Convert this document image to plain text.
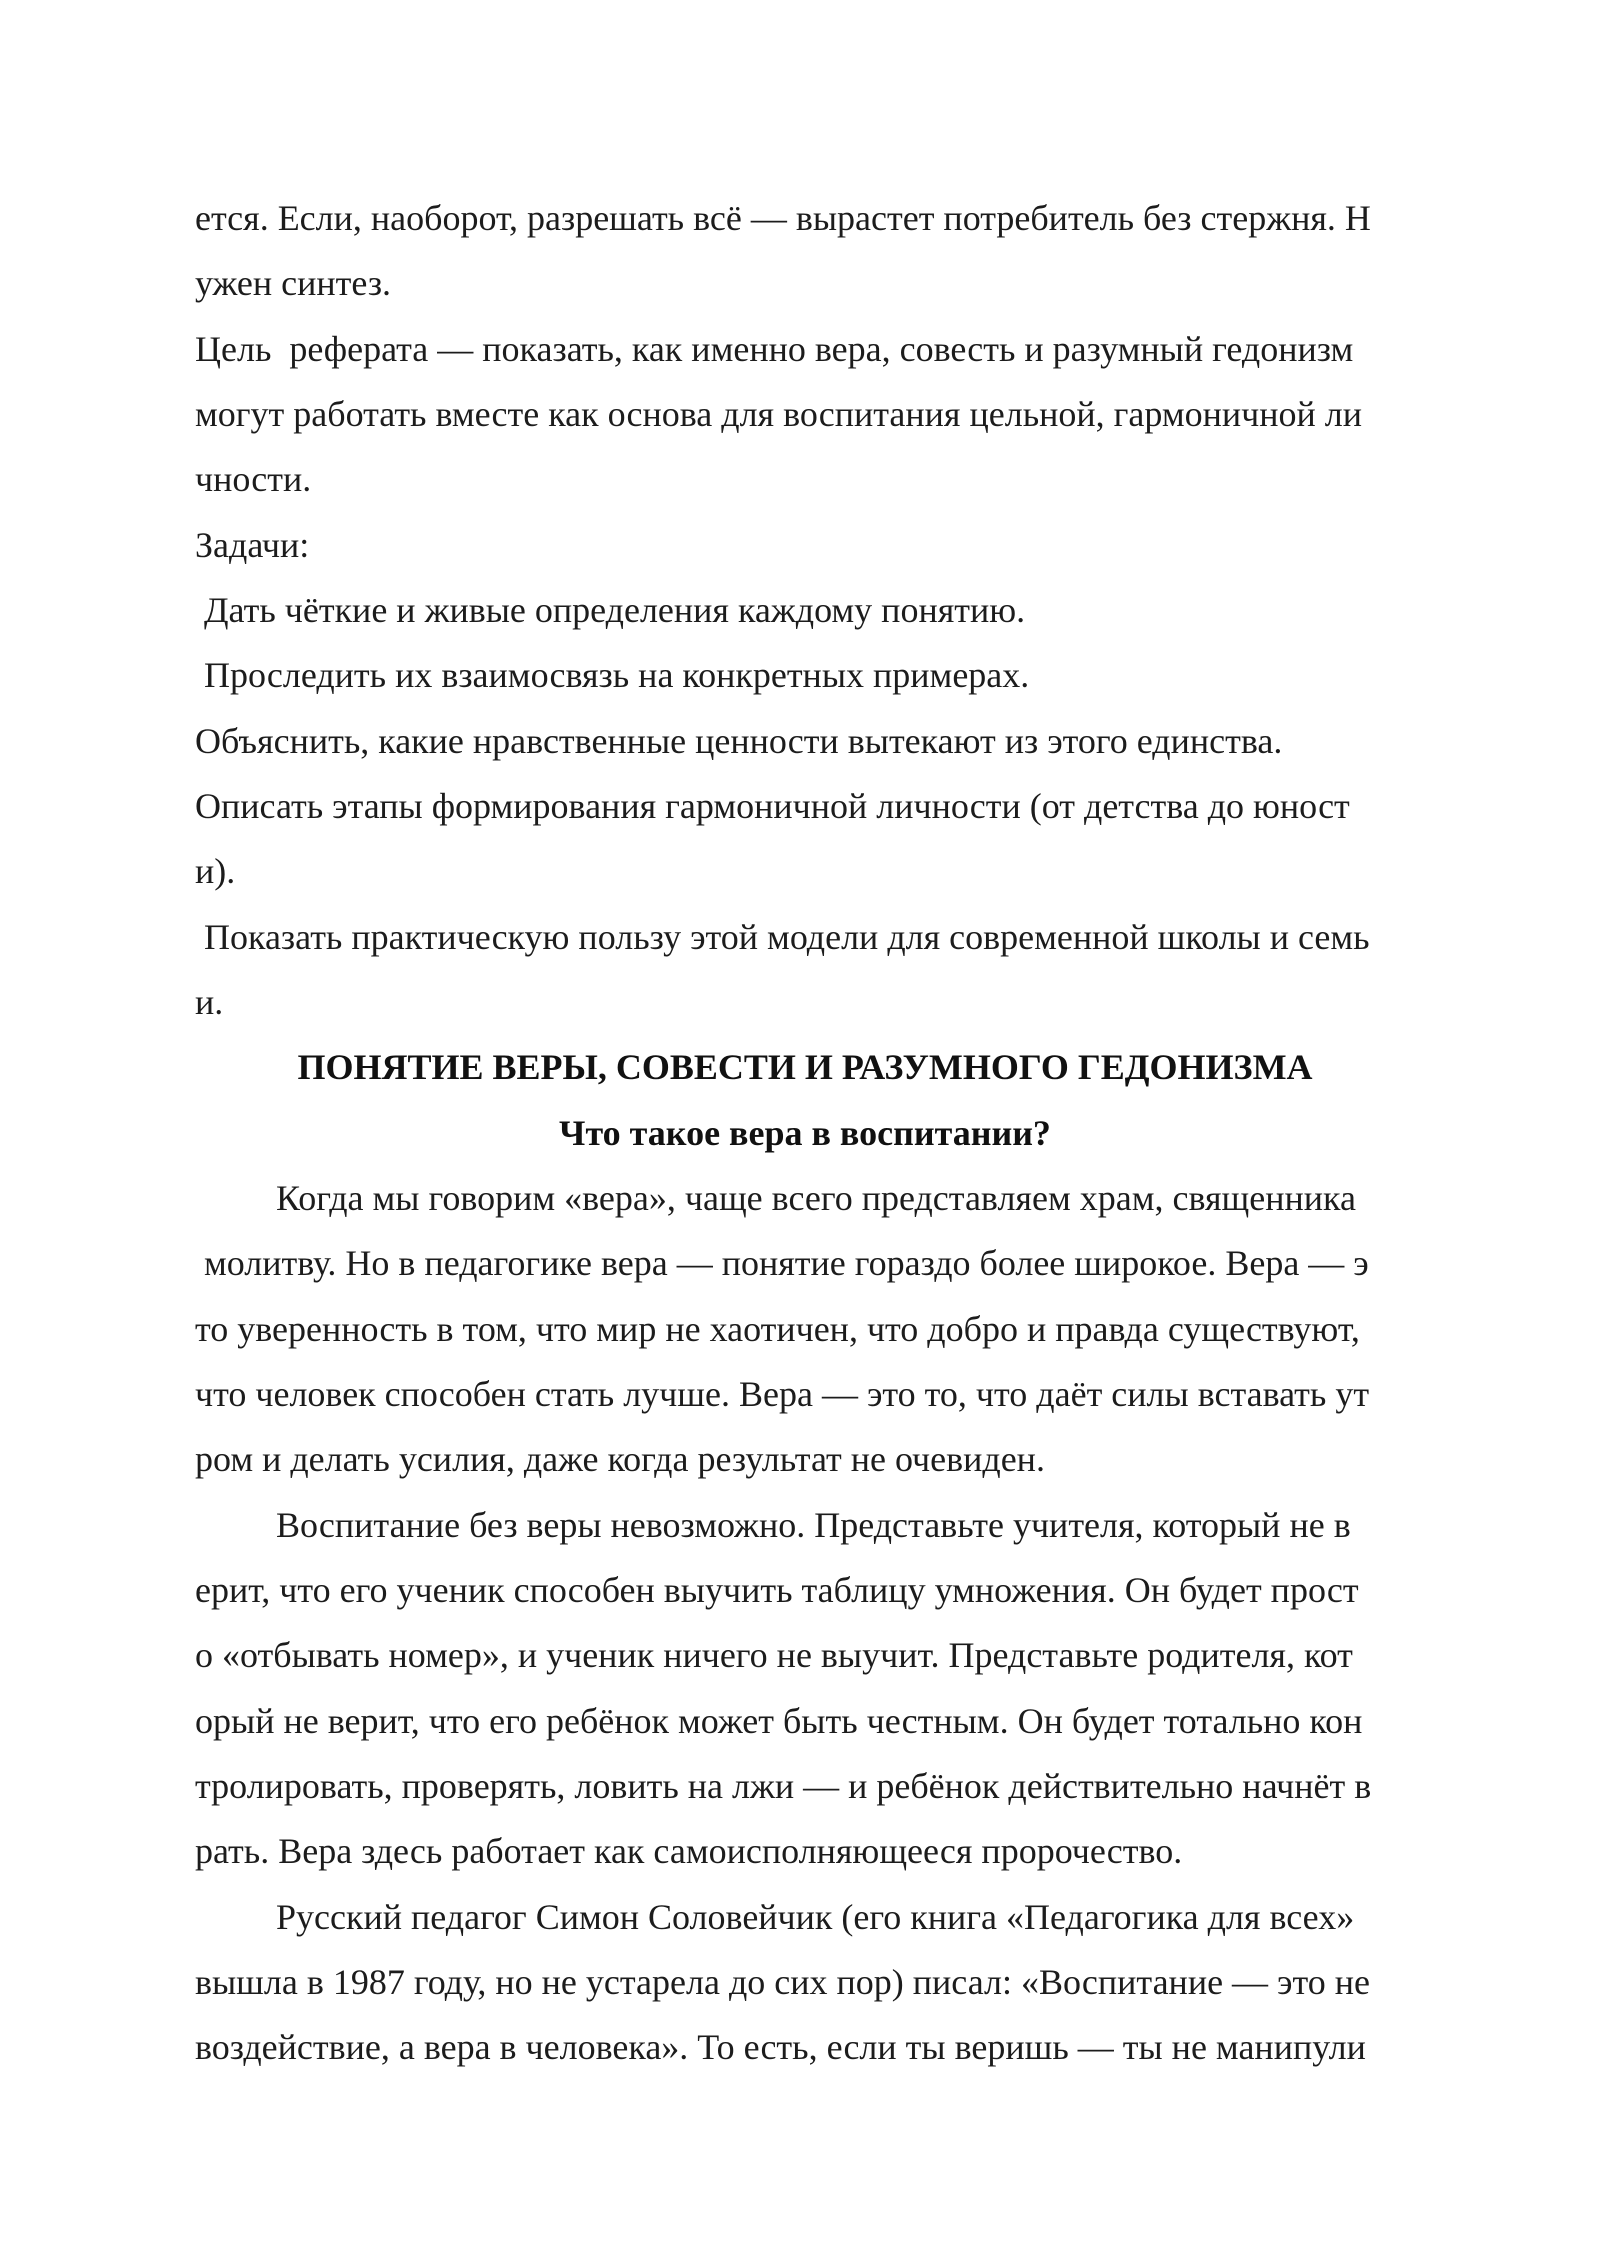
ется. Если, наоборот, разрешать всё — вырастет потребитель без стержня. Н
ужен синтез.
Цель  реферата — показать, как именно вера, совесть и разумный гедонизм
могут работать вместе как основа для воспитания цельной, гармоничной ли
чности.
Задачи:
Дать чёткие и живые определения каждому понятию.
Проследить их взаимосвязь на конкретных примерах.
Объяснить, какие нравственные ценности вытекают из этого единства.
Описать этапы формирования гармоничной личности (от детства до юност
и).
Показать практическую пользу этой модели для современной школы и семь
и.
ПОНЯТИЕ ВЕРЫ, СОВЕСТИ И РАЗУМНОГО ГЕДОНИЗМА
Что такое вера в воспитании?
Когда мы говорим «вера», чаще всего представляем храм, священника
молитву. Но в педагогике вера — понятие гораздо более широкое. Вера — э
то уверенность в том, что мир не хаотичен, что добро и правда существуют,
что человек способен стать лучше. Вера — это то, что даёт силы вставать ут
ром и делать усилия, даже когда результат не очевиден.
Воспитание без веры невозможно. Представьте учителя, который не в
ерит, что его ученик способен выучить таблицу умножения. Он будет прост
о «отбывать номер», и ученик ничего не выучит. Представьте родителя, кот
орый не верит, что его ребёнок может быть честным. Он будет тотально кон
тролировать, проверять, ловить на лжи — и ребёнок действительно начнёт в
рать. Вера здесь работает как самоисполняющееся пророчество.
Русский педагог Симон Соловейчик (его книга «Педагогика для всех»
вышла в 1987 году, но не устарела до сих пор) писал: «Воспитание — это не
воздействие, а вера в человека». То есть, если ты веришь — ты не манипули
